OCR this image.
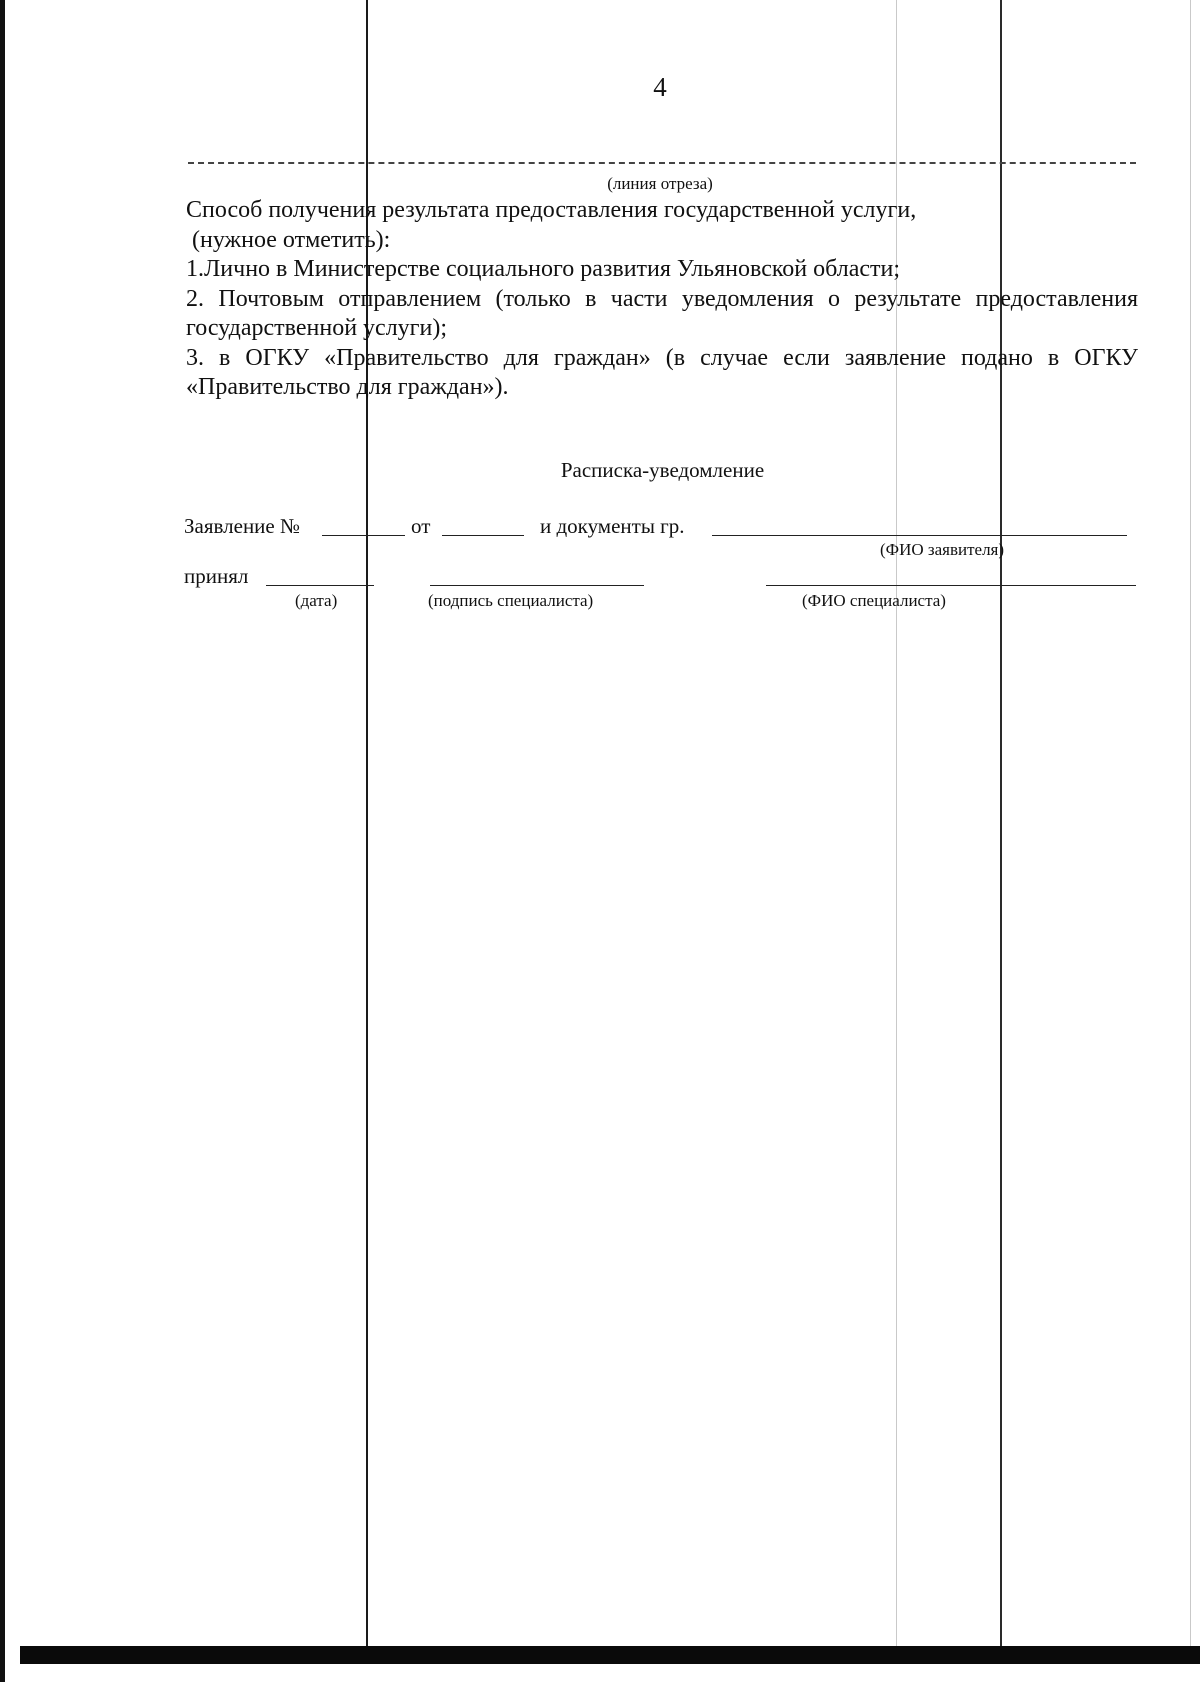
4
(линия отреза)

Способ получения результата предоставления государственной услуги,

(нужное отметить):

1.Лично в Министерстве социального развития Ульяновской области;

2. Почтовым отправлением (только в части уведомления о результате предоставления государственной услуги);

3. в ОГКУ «Правительство для граждан» (в случае если заявление подано в ОГКУ «Правительство для граждан»).

Расписка-уведомление
Заявление №	от	и документы гр.
(ФИО заявителя)
принял
(дата)	(подпись специалиста)	(ФИО специалиста)
